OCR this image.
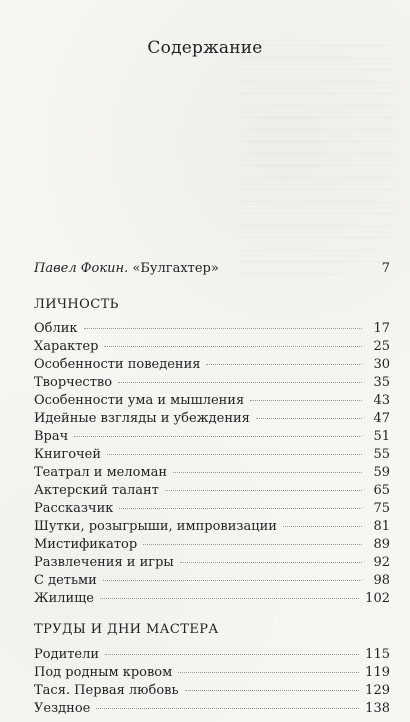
Содержание
Павел Фокин. «Булгахтер»	7
ЛИЧНОСТЬ
Облик	17
Характер	25
Особенности поведения	30
Творчество	35
Особенности ума и мышления	43
Идейные взгляды и убеждения	47
Врач	51
Книгочей	55
Театрал и меломан	59
Актерский талант	65
Рассказчик	75
Шутки, розыгрыши, импровизации	81
Мистификатор	89
Развлечения и игры	92
С детьми	98
Жилище	102
ТРУДЫ И ДНИ МАСТЕРА
Родители	115
Под родным кровом	119
Тася. Первая любовь	129
Уездное	138
